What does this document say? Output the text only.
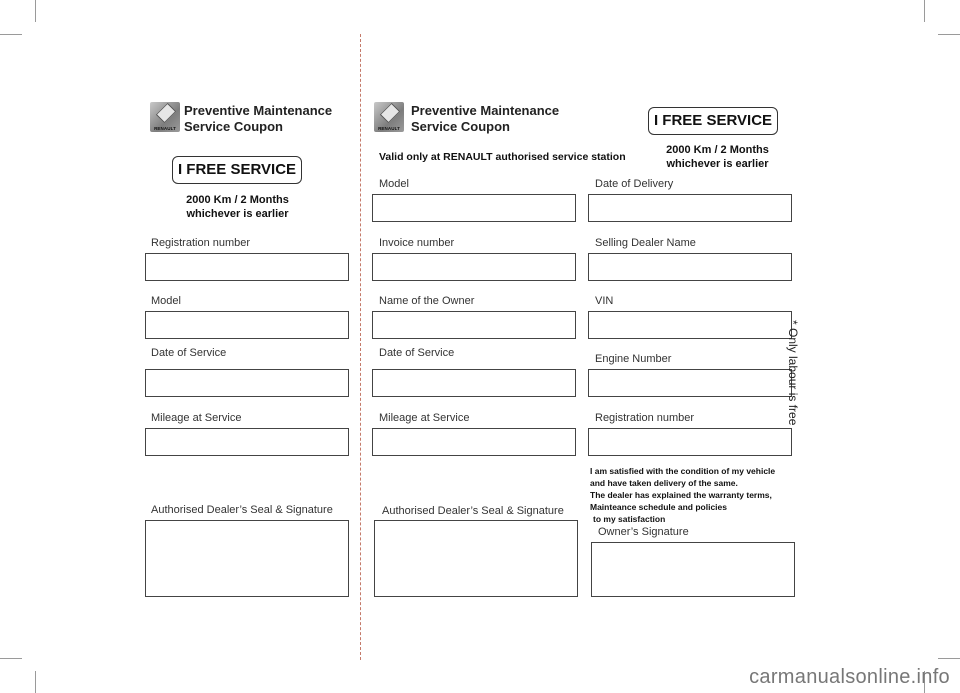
RENAULT
Preventive Maintenance
Service Coupon
I FREE SERVICE
2000 Km / 2 Months
whichever is earlier
Registration number
Model
Date of Service
Mileage at Service
Authorised Dealer’s Seal & Signature
RENAULT
Preventive Maintenance
Service Coupon	I FREE SERVICE
Valid only at RENAULT authorised service station
2000 Km / 2 Months
whichever is earlier
Model
Invoice number
Name of the Owner
Date of Service
Mileage at Service
Authorised Dealer’s Seal & Signature
Date of Delivery
Selling Dealer Name
VIN
Engine Number
Registration number
I am satisfied with the condition of my vehicle
and have taken delivery of the same.
The dealer has explained the warranty terms,
Mainteance schedule and policies
to my satisfaction
Owner’s Signature
* Only labour is free
carmanualsonline.info
